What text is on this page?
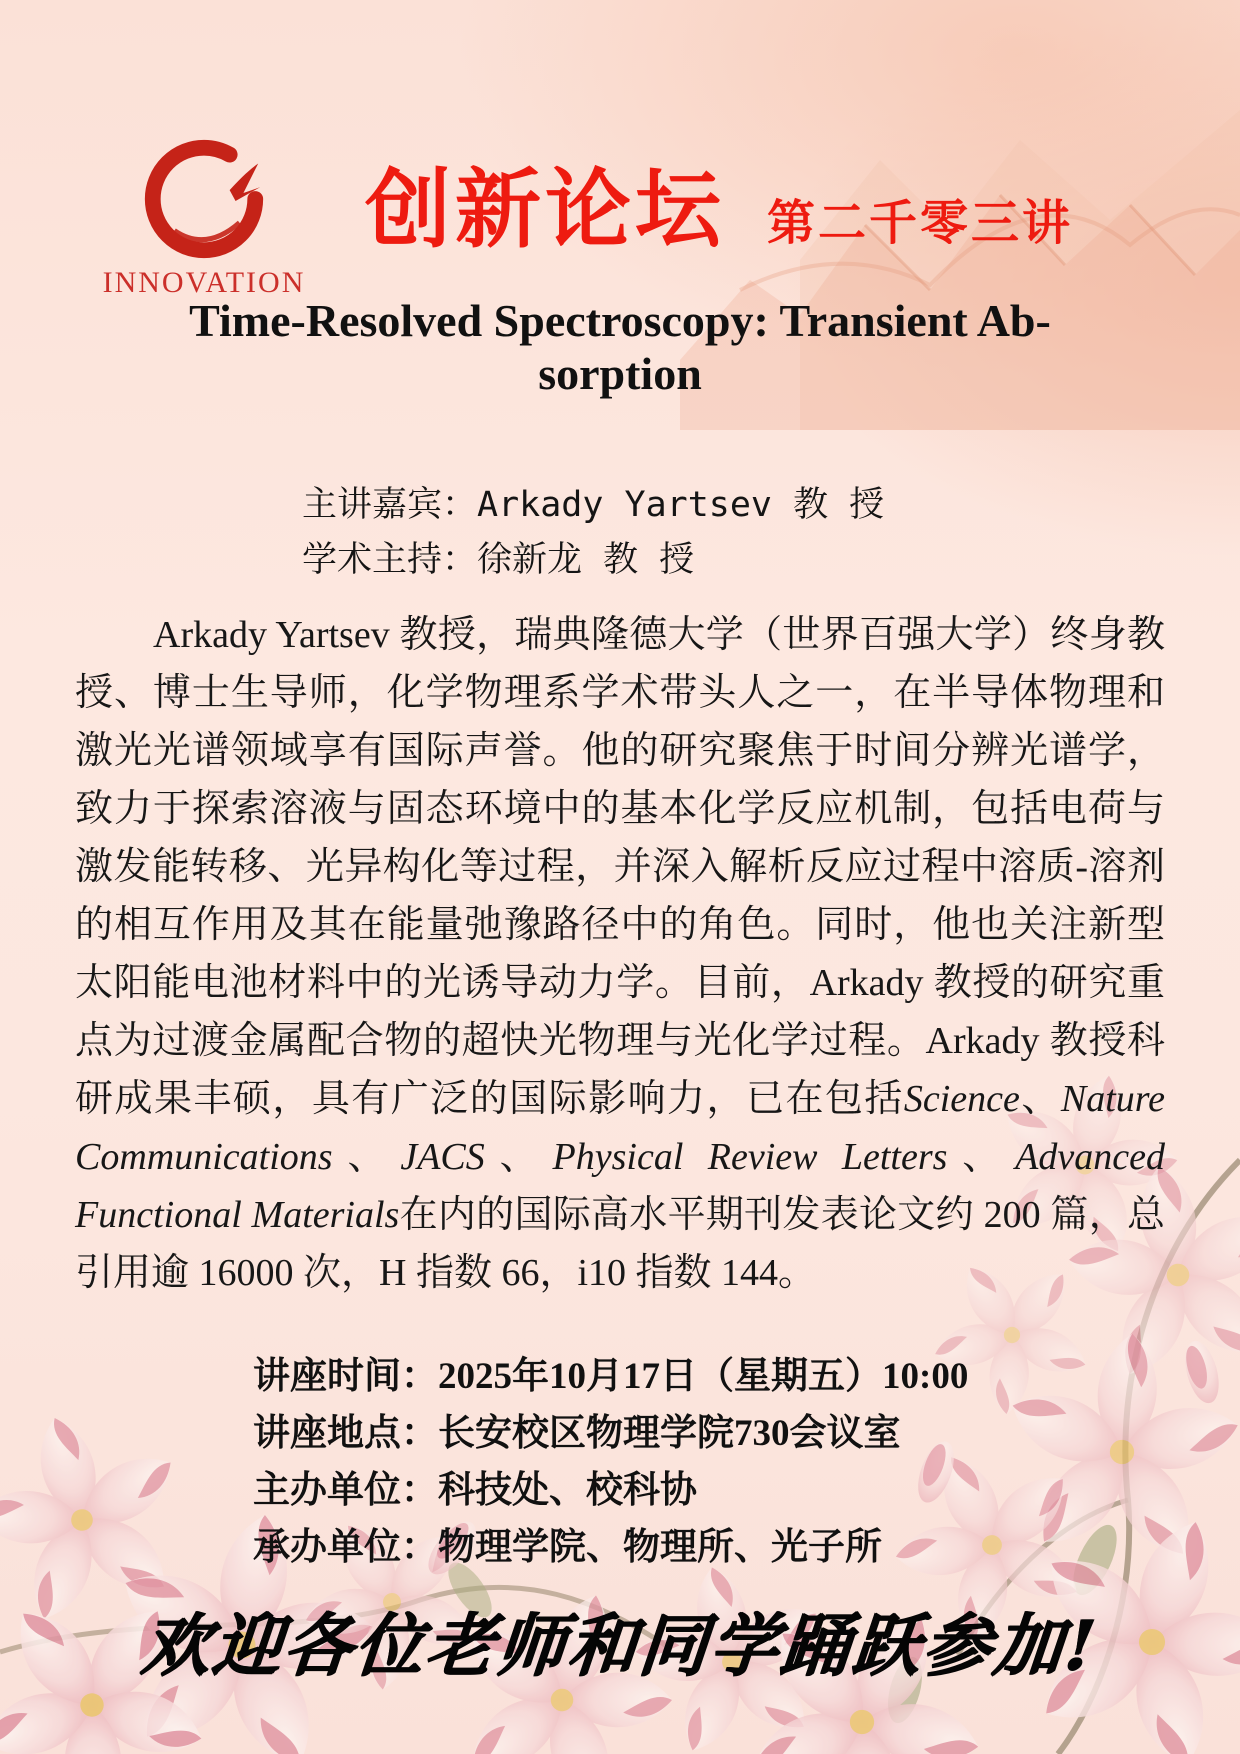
INNOVATION
创新论坛 第二千零三讲
Time-Resolved Spectroscopy: Transient Ab-
sorption
主讲嘉宾：Arkady Yartsev 教 授
学术主持：徐新龙 教 授

Arkady Yartsev 教授，瑞典隆德大学（世界百强大学）终身教授、博士生导师，化学物理系学术带头人之一，在半导体物理和激光光谱领域享有国际声誉。他的研究聚焦于时间分辨光谱学，致力于探索溶液与固态环境中的基本化学反应机制，包括电荷与激发能转移、光异构化等过程，并深入解析反应过程中溶质-溶剂的相互作用及其在能量弛豫路径中的角色。同时，他也关注新型太阳能电池材料中的光诱导动力学。目前，Arkady 教授的研究重点为过渡金属配合物的超快光物理与光化学过程。Arkady 教授科研成果丰硕，具有广泛的国际影响力，已在包括Science、Nature Communications、JACS、Physical Review Letters、Advanced Functional Materials在内的国际高水平期刊发表论文约 200 篇，总引用逾 16000 次，H 指数 66，i10 指数 144。

讲座时间：2025年10月17日（星期五）10:00
讲座地点：长安校区物理学院730会议室
主办单位：科技处、校科协
承办单位：物理学院、物理所、光子所
欢迎各位老师和同学踊跃参加!
